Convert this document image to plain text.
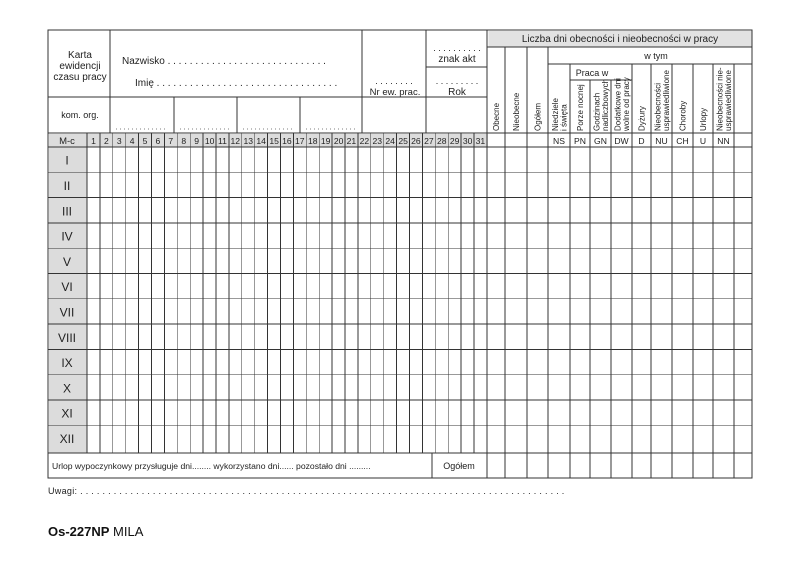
Karta
ewidencji
czasu pracy
Nazwisko . . . . . . . . . . . . . . . . . . . . . . . . . . . . .
Imię . . . . . . . . . . . . . . . . . . . . . . . . . . . . . . . . .
kom. org.
. . . . . . . .
Nr ew. prac.
. . . . . . . . . .
znak akt
. . . . . . . . .
Rok
Liczba dni obecności i nieobecności w pracy
w tym
Praca w
Obecne Nieobecne Ogółem Niedziele i święta
NS
Porze nocnej
PN
Godzinach nadliczbowych
GN
Dodatkowe dni wolne od pracy
DW
Dyżury
D
Nieobecności usprawiedliwione
NU
Choroby
CH
Urlopy
U
Nieobecności nie- usprawiedliwione
NN
M-c 1 2 3 4 5 6 7 8 9 10 11 12 13 14 15 16 17 18 19 20 21 22 23 24 25 26 27 28 29 30 31
I
II
III
IV
V
VI
VII
VIII
IX
X
XI
XII
Urlop wypoczynkowy przysługuje dni........ wykorzystano dni...... pozostało dni .........	Ogółem
Uwagi: . . . . . . . . . . . . . . . . . . . . . . . . . . . . . . . . . . . . . . . . . . . . . . . . . . . . . . . . . . . . . . . . . . . . . . . . . . . . . . . . . . . . . . .
Os-227NP MILA
